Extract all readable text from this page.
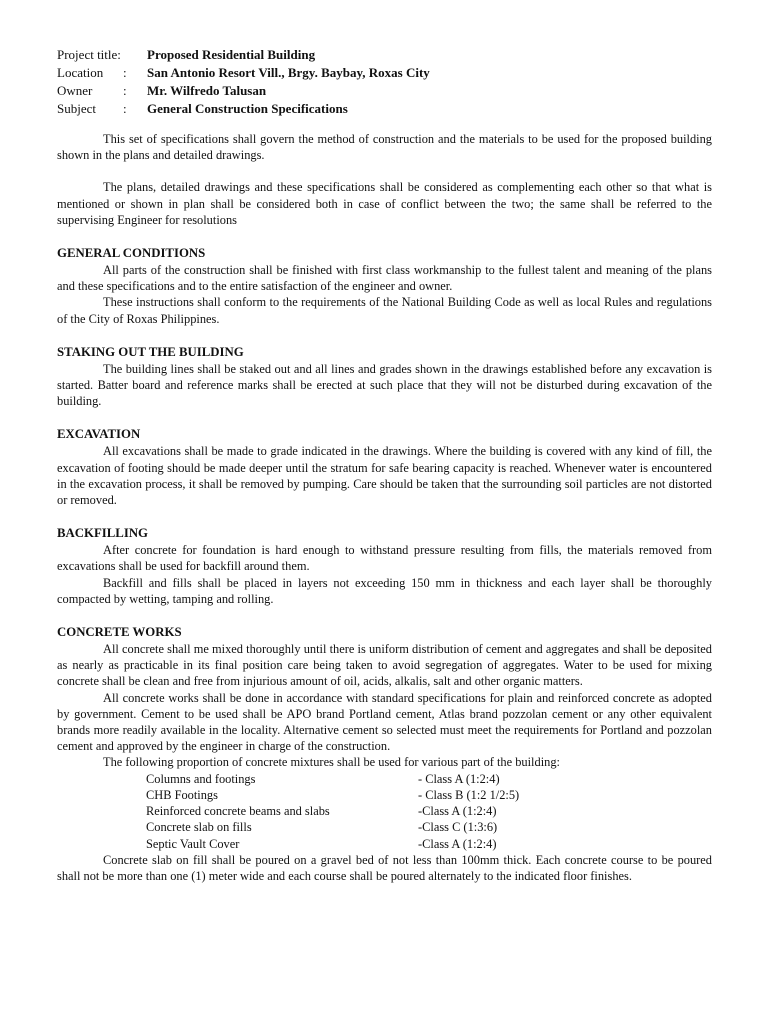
Project title: Proposed Residential Building
Location	:	San Antonio Resort Vill., Brgy. Baybay, Roxas City
Owner	:	Mr. Wilfredo Talusan
Subject	:	General Construction Specifications

This set of specifications shall govern the method of construction and the materials to be used for the proposed building shown in the plans and detailed drawings.

The plans, detailed drawings and these specifications shall be considered as complementing each other so that what is mentioned or shown in plan shall be considered both in case of conflict between the two; the same shall be referred to the supervising Engineer for resolutions

GENERAL CONDITIONS

All parts of the construction shall be finished with first class workmanship to the fullest talent and meaning of the plans and these specifications and to the entire satisfaction of the engineer and owner.

These instructions shall conform to the requirements of the National Building Code as well as local Rules and regulations of the City of Roxas Philippines.

STAKING OUT THE BUILDING

The building lines shall be staked out and all lines and grades shown in the drawings established before any excavation is started. Batter board and reference marks shall be erected at such place that they will not be disturbed during excavation of the building.

EXCAVATION

All excavations shall be made to grade indicated in the drawings. Where the building is covered with any kind of fill, the excavation of footing should be made deeper until the stratum for safe bearing capacity is reached. Whenever water is encountered in the excavation process, it shall be removed by pumping. Care should be taken that the surrounding soil particles are not distorted or removed.

BACKFILLING

After concrete for foundation is hard enough to withstand pressure resulting from fills, the materials removed from excavations shall be used for backfill around them.

Backfill and fills shall be placed in layers not exceeding 150 mm in thickness and each layer shall be thoroughly compacted by wetting, tamping and rolling.

CONCRETE WORKS

All concrete shall me mixed thoroughly until there is uniform distribution of cement and aggregates and shall be deposited as nearly as practicable in its final position care being taken to avoid segregation of aggregates. Water to be used for mixing concrete shall be clean and free from injurious amount of oil, acids, alkalis, salt and other organic matters.

All concrete works shall be done in accordance with standard specifications for plain and reinforced concrete as adopted by government. Cement to be used shall be APO brand Portland cement, Atlas brand pozzolan cement or any other equivalent brands more readily available in the locality. Alternative cement so selected must meet the requirements for Portland and pozzolan cement and approved by the engineer in charge of the construction.

The following proportion of concrete mixtures shall be used for various part of the building:

Columns and footings	- Class A (1:2:4)
CHB Footings	- Class B (1:2 1/2:5)
Reinforced concrete beams and slabs	-Class A (1:2:4)
Concrete slab on fills	-Class C (1:3:6)
Septic Vault Cover	-Class A (1:2:4)

Concrete slab on fill shall be poured on a gravel bed of not less than 100mm thick. Each concrete course to be poured shall not be more than one (1) meter wide and each course shall be poured alternately to the indicated floor finishes.
